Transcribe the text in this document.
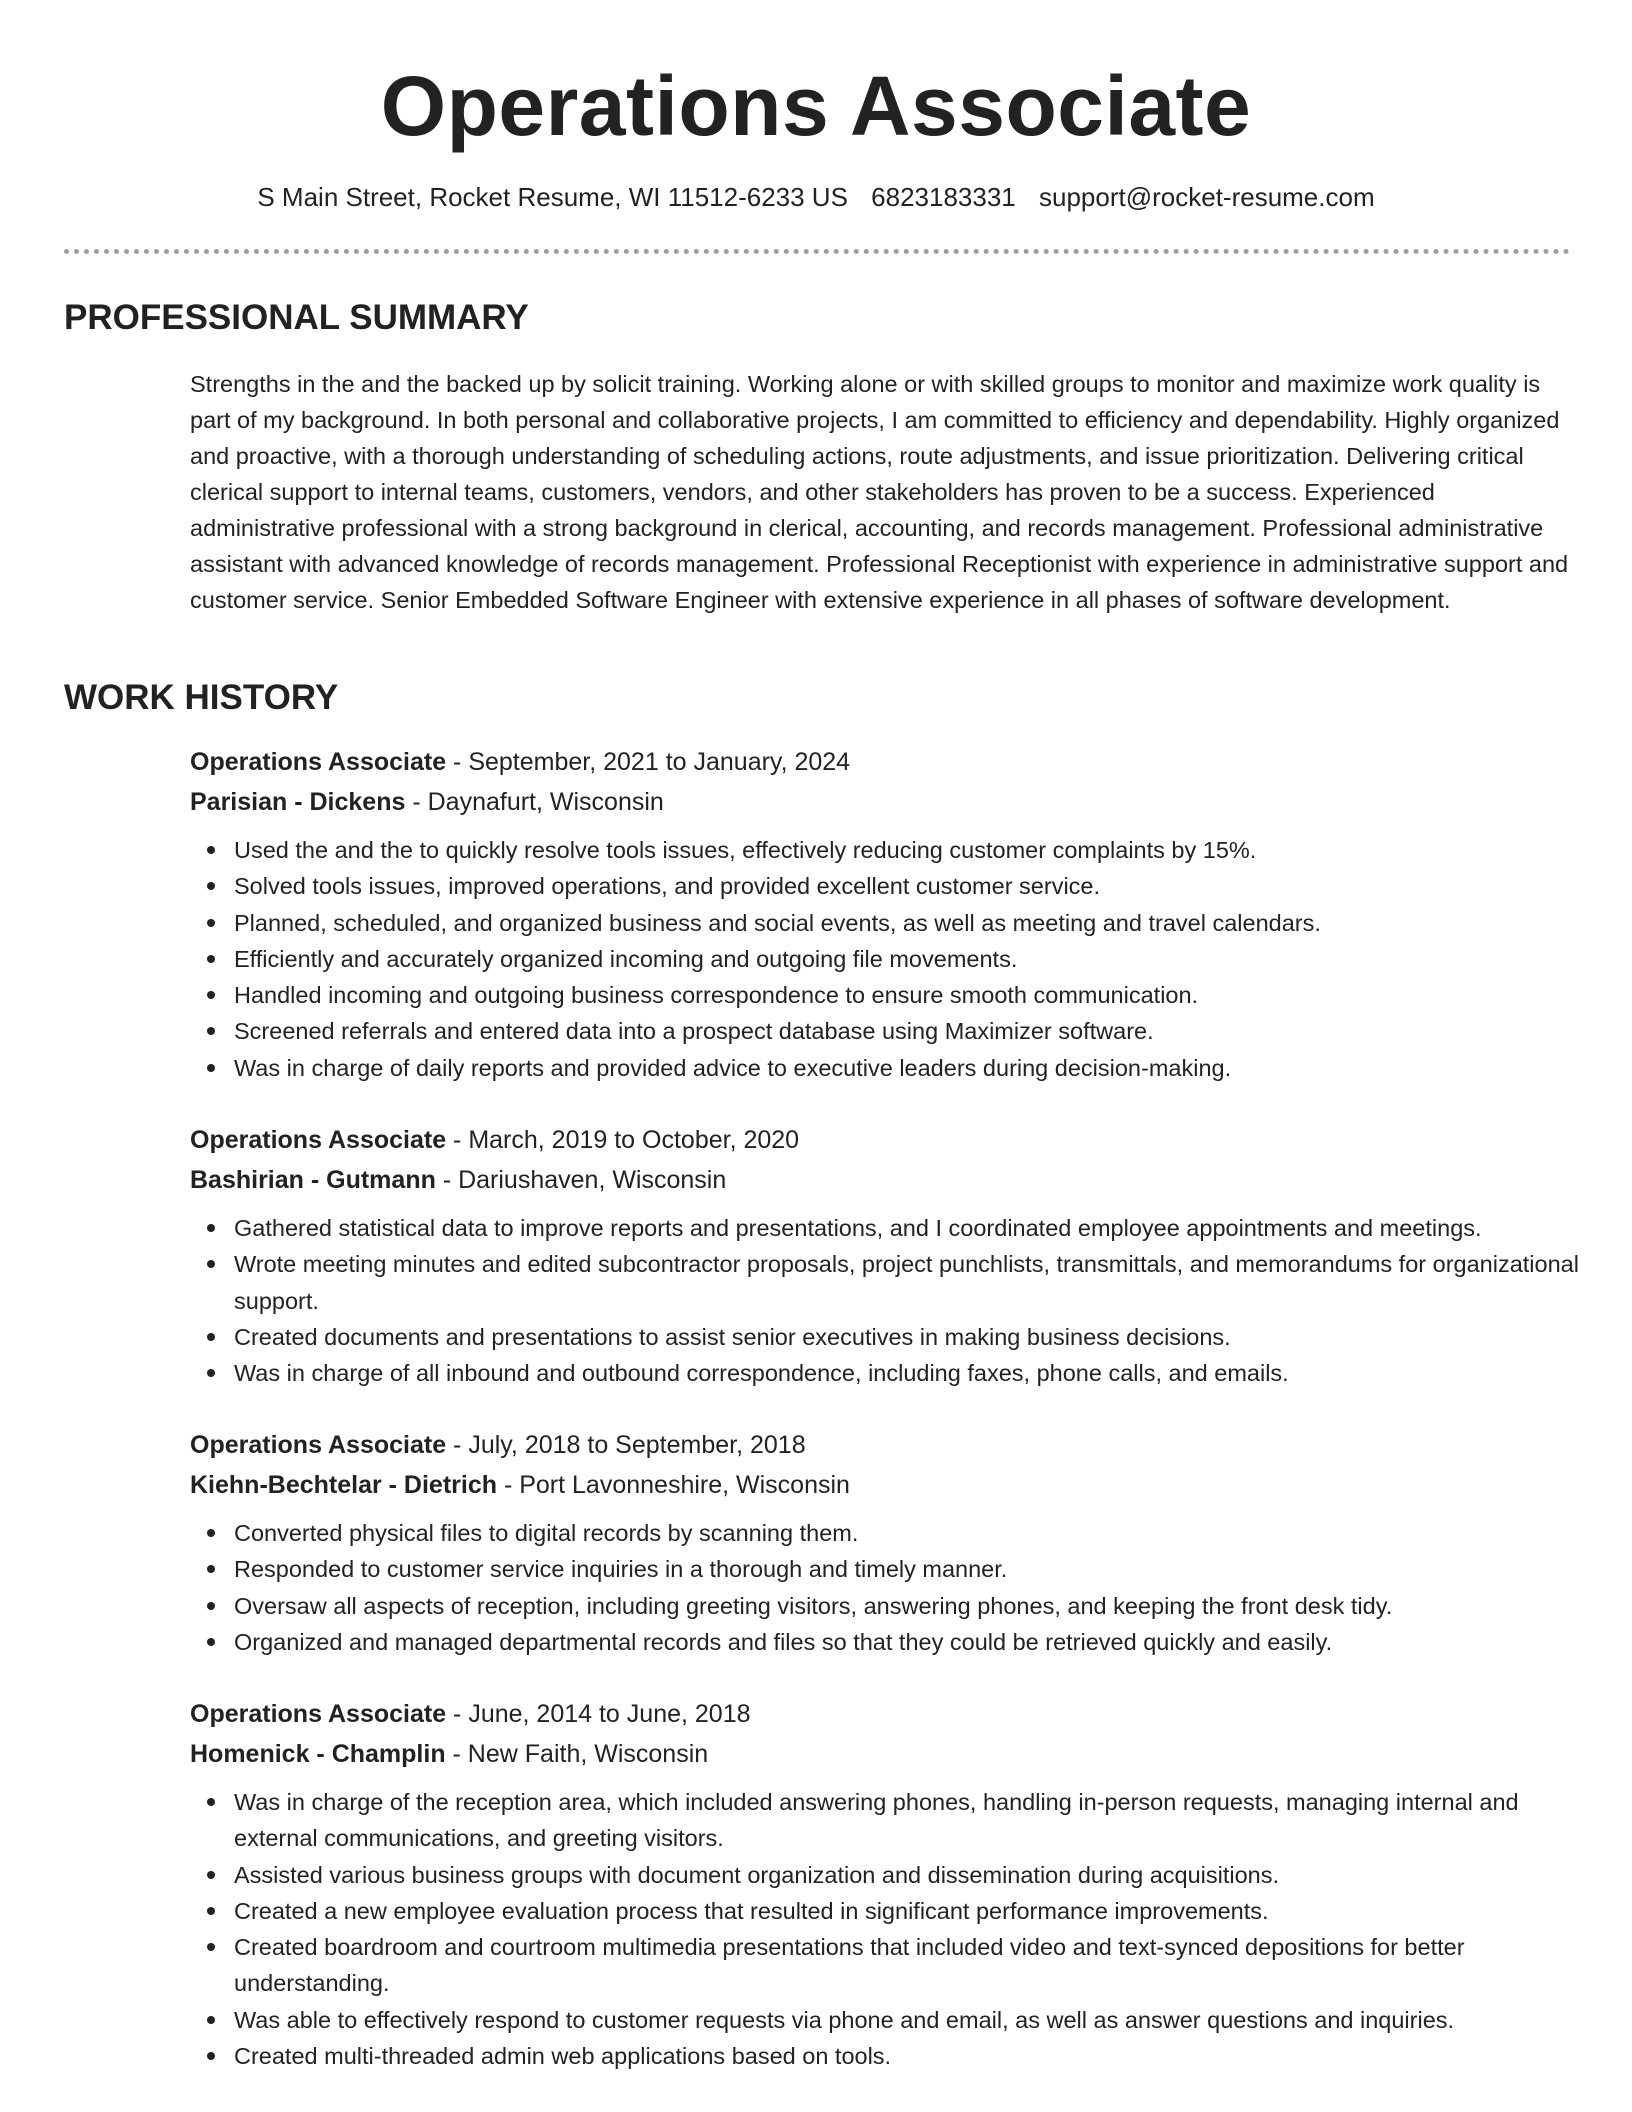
Operations Associate
S Main Street, Rocket Resume, WI 11512-6233 US 6823183331 support@rocket-resume.com
PROFESSIONAL SUMMARY
Strengths in the and the backed up by solicit training. Working alone or with skilled groups to monitor and maximize work quality is part of my background. In both personal and collaborative projects, I am committed to efficiency and dependability. Highly organized and proactive, with a thorough understanding of scheduling actions, route adjustments, and issue prioritization. Delivering critical clerical support to internal teams, customers, vendors, and other stakeholders has proven to be a success. Experienced administrative professional with a strong background in clerical, accounting, and records management. Professional administrative assistant with advanced knowledge of records management. Professional Receptionist with experience in administrative support and customer service. Senior Embedded Software Engineer with extensive experience in all phases of software development.
WORK HISTORY
Operations Associate - September, 2021 to January, 2024
Parisian - Dickens - Daynafurt, Wisconsin
Used the and the to quickly resolve tools issues, effectively reducing customer complaints by 15%.
Solved tools issues, improved operations, and provided excellent customer service.
Planned, scheduled, and organized business and social events, as well as meeting and travel calendars.
Efficiently and accurately organized incoming and outgoing file movements.
Handled incoming and outgoing business correspondence to ensure smooth communication.
Screened referrals and entered data into a prospect database using Maximizer software.
Was in charge of daily reports and provided advice to executive leaders during decision-making.
Operations Associate - March, 2019 to October, 2020
Bashirian - Gutmann - Dariushaven, Wisconsin
Gathered statistical data to improve reports and presentations, and I coordinated employee appointments and meetings.
Wrote meeting minutes and edited subcontractor proposals, project punchlists, transmittals, and memorandums for organizational support.
Created documents and presentations to assist senior executives in making business decisions.
Was in charge of all inbound and outbound correspondence, including faxes, phone calls, and emails.
Operations Associate - July, 2018 to September, 2018
Kiehn-Bechtelar - Dietrich - Port Lavonneshire, Wisconsin
Converted physical files to digital records by scanning them.
Responded to customer service inquiries in a thorough and timely manner.
Oversaw all aspects of reception, including greeting visitors, answering phones, and keeping the front desk tidy.
Organized and managed departmental records and files so that they could be retrieved quickly and easily.
Operations Associate - June, 2014 to June, 2018
Homenick - Champlin - New Faith, Wisconsin
Was in charge of the reception area, which included answering phones, handling in-person requests, managing internal and external communications, and greeting visitors.
Assisted various business groups with document organization and dissemination during acquisitions.
Created a new employee evaluation process that resulted in significant performance improvements.
Created boardroom and courtroom multimedia presentations that included video and text-synced depositions for better understanding.
Was able to effectively respond to customer requests via phone and email, as well as answer questions and inquiries.
Created multi-threaded admin web applications based on tools.
